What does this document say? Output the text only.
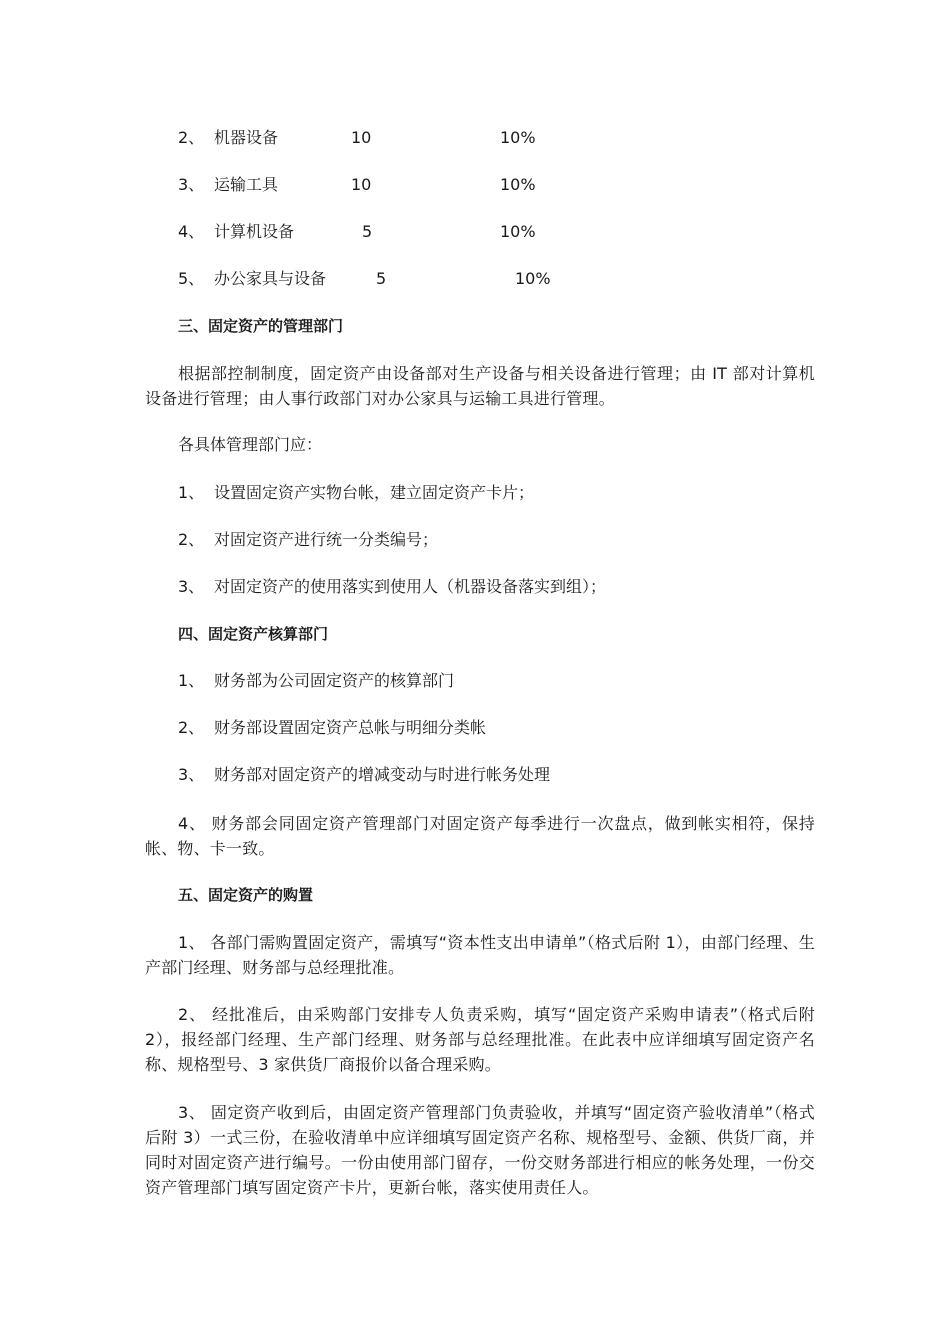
2、 机器设备	10	10%
3、 运输工具	10	10%
4、 计算机设备	5	10%
5、 办公家具与设备	5	10%
三、固定资产的管理部门
根据部控制制度，固定资产由设备部对生产设备与相关设备进行管理；由 IT 部对计算机设备进行管理；由人事行政部门对办公家具与运输工具进行管理。
各具体管理部门应：
1、 设置固定资产实物台帐，建立固定资产卡片；
2、 对固定资产进行统一分类编号；
3、 对固定资产的使用落实到使用人（机器设备落实到组）；
四、固定资产核算部门
1、 财务部为公司固定资产的核算部门
2、 财务部设置固定资产总帐与明细分类帐
3、 财务部对固定资产的增减变动与时进行帐务处理
4、 财务部会同固定资产管理部门对固定资产每季进行一次盘点，做到帐实相符，保持帐、物、卡一致。
五、固定资产的购置
1、 各部门需购置固定资产，需填写“资本性支出申请单”（格式后附 1），由部门经理、生产部门经理、财务部与总经理批准。
2、 经批准后，由采购部门安排专人负责采购，填写“固定资产采购申请表”（格式后附 2），报经部门经理、生产部门经理、财务部与总经理批准。在此表中应详细填写固定资产名称、规格型号、3 家供货厂商报价以备合理采购。
3、 固定资产收到后，由固定资产管理部门负责验收，并填写“固定资产验收清单”（格式后附 3）一式三份，在验收清单中应详细填写固定资产名称、规格型号、金额、供货厂商，并同时对固定资产进行编号。一份由使用部门留存，一份交财务部进行相应的帐务处理，一份交资产管理部门填写固定资产卡片，更新台帐，落实使用责任人。
